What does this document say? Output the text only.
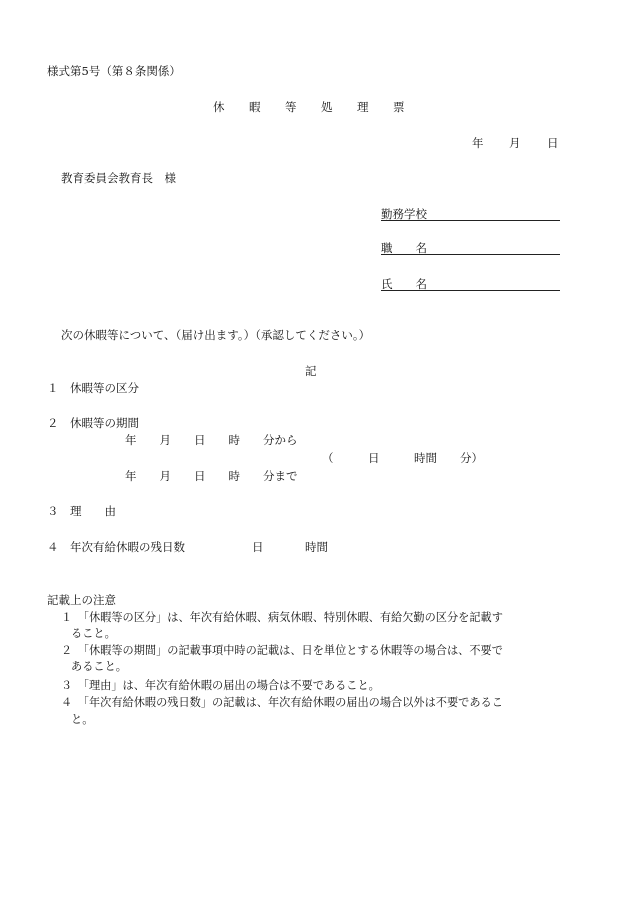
様式第5号（第８条関係）
休　　暇　　等　　処　　理　　票
年 月 日
教育委員会教育長　様
勤務学校
職　　名
氏　　名
次の休暇等について、（届け出ます。）（承認してください。）
記
１　休暇等の区分
２　休暇等の期間
年　　月　　日　　時　　分から
（　　　日　　　時間　　分）
年　　月　　日　　時　　分まで
３　理　　由
４　年次有給休暇の残日数	日	時間
記載上の注意
１　「休暇等の区分」は、年次有給休暇、病気休暇、特別休暇、有給欠勤の区分を記載す
ること。
２　「休暇等の期間」の記載事項中時の記載は、日を単位とする休暇等の場合は、不要で
あること。
３　「理由」は、年次有給休暇の届出の場合は不要であること。
４　「年次有給休暇の残日数」の記載は、年次有給休暇の届出の場合以外は不要であるこ
と。
